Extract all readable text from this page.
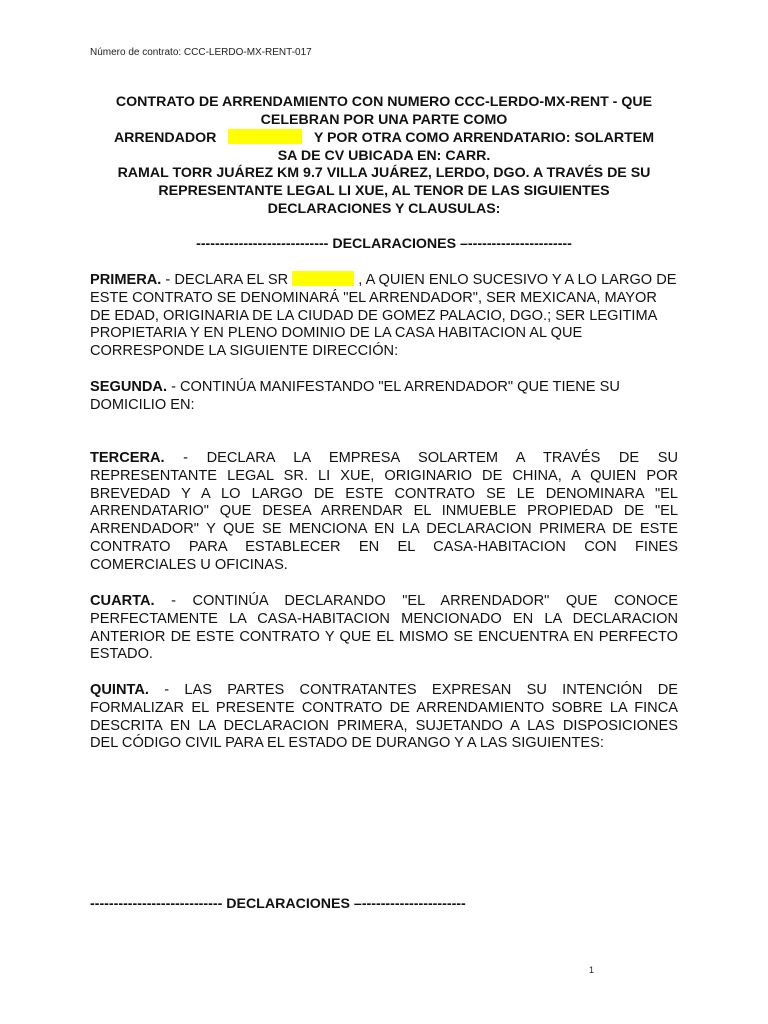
Número de contrato: CCC-LERDO-MX-RENT-017
CONTRATO DE ARRENDAMIENTO CON NUMERO CCC-LERDO-MX-RENT - QUE
CELEBRAN POR UNA PARTE COMO
ARRENDADOR	Y POR OTRA COMO ARRENDATARIO: SOLARTEM
SA DE CV UBICADA EN: CARR.
RAMAL TORR JUÁREZ KM 9.7 VILLA JUÁREZ, LERDO, DGO. A TRAVÉS DE SU
REPRESENTANTE LEGAL LI XUE, AL TENOR DE LAS SIGUIENTES
DECLARACIONES Y CLAUSULAS:
---------------------------- DECLARACIONES –----------------------
PRIMERA. - DECLARA EL SR	, A QUIEN ENLO SUCESIVO Y A LO LARGO DE ESTE CONTRATO SE DENOMINARÁ "EL ARRENDADOR", SER MEXICANA, MAYOR DE EDAD, ORIGINARIA DE LA CIUDAD DE GOMEZ PALACIO, DGO.; SER LEGITIMA PROPIETARIA Y EN PLENO DOMINIO DE LA CASA HABITACION AL QUE CORRESPONDE LA SIGUIENTE DIRECCIÓN:
SEGUNDA. - CONTINÚA MANIFESTANDO "EL ARRENDADOR" QUE TIENE SU DOMICILIO EN:
TERCERA. - DECLARA LA EMPRESA SOLARTEM A TRAVÉS DE SU REPRESENTANTE LEGAL SR. LI XUE, ORIGINARIO DE CHINA, A QUIEN POR BREVEDAD Y A LO LARGO DE ESTE CONTRATO SE LE DENOMINARA "EL ARRENDATARIO" QUE DESEA ARRENDAR EL INMUEBLE PROPIEDAD DE "EL ARRENDADOR" Y QUE SE MENCIONA EN LA DECLARACION PRIMERA DE ESTE CONTRATO PARA ESTABLECER EN EL CASA-HABITACION CON FINES COMERCIALES U OFICINAS.
CUARTA. - CONTINÚA DECLARANDO "EL ARRENDADOR" QUE CONOCE PERFECTAMENTE LA CASA-HABITACION MENCIONADO EN LA DECLARACION ANTERIOR DE ESTE CONTRATO Y QUE EL MISMO SE ENCUENTRA EN PERFECTO ESTADO.
QUINTA. - LAS PARTES CONTRATANTES EXPRESAN SU INTENCIÓN DE FORMALIZAR EL PRESENTE CONTRATO DE ARRENDAMIENTO SOBRE LA FINCA DESCRITA EN LA DECLARACION PRIMERA, SUJETANDO A LAS DISPOSICIONES DEL CÓDIGO CIVIL PARA EL ESTADO DE DURANGO Y A LAS SIGUIENTES:
---------------------------- DECLARACIONES –----------------------
1
